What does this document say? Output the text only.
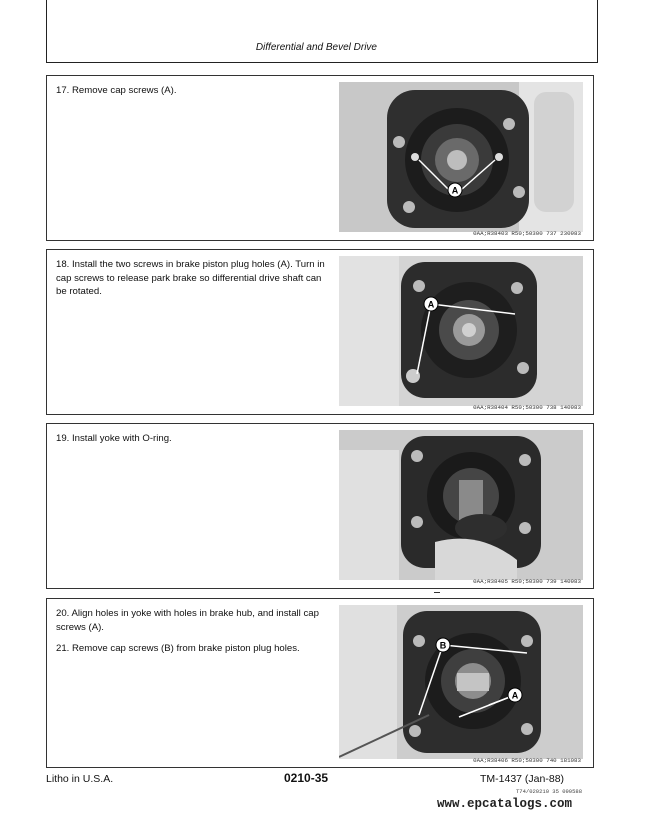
Differential and Bevel Drive

17. Remove cap screws (A).

A
0AA;R38403 R50;50300 737 230983

18. Install the two screws in brake piston plug holes (A). Turn in cap screws to release park brake so differential drive shaft can be rotated.

A
0AA;R38404 R50;50300 738 140983

19. Install yoke with O-ring.

0AA;R38405 R50;50300 739 140983

20. Align holes in yoke with holes in brake hub, and install cap screws (A).

21. Remove cap screws (B) from brake piston plug holes.	B
A
0AA;R38406 R50;50300 740 181083
Litho in U.S.A.	0210-35	TM-1437 (Jan-88)
T74/020210 35 090588
www.epcatalogs.com
